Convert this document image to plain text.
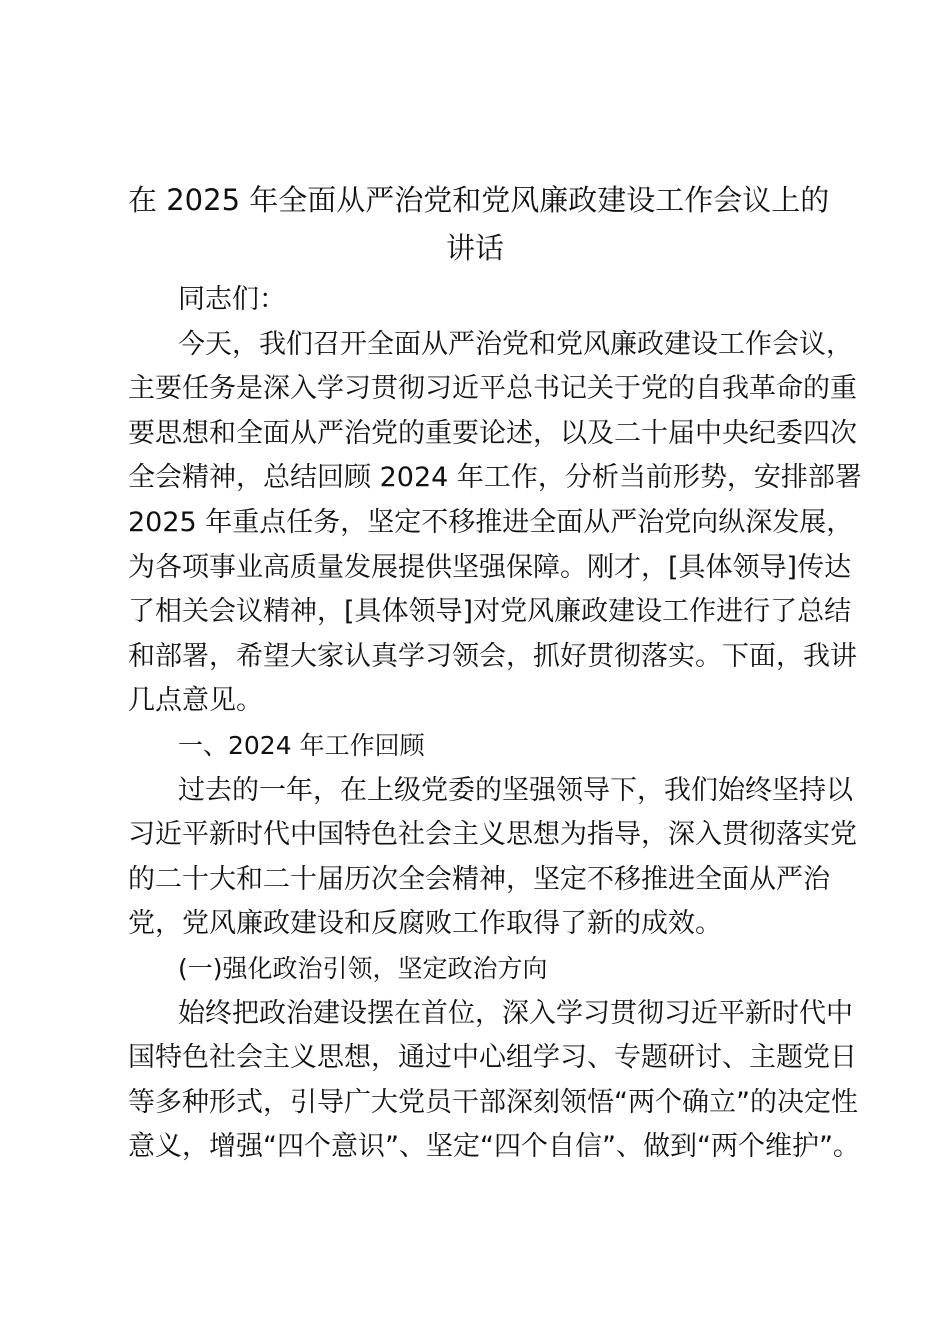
在 2025 年全面从严治党和党风廉政建设工作会议上的
讲话

同志们：

今天，我们召开全面从严治党和党风廉政建设工作会议，
主要任务是深入学习贯彻习近平总书记关于党的自我革命的重
要思想和全面从严治党的重要论述，以及二十届中央纪委四次
全会精神，总结回顾 2024 年工作，分析当前形势，安排部署
2025 年重点任务，坚定不移推进全面从严治党向纵深发展，
为各项事业高质量发展提供坚强保障。刚才，[具体领导]传达
了相关会议精神，[具体领导]对党风廉政建设工作进行了总结
和部署，希望大家认真学习领会，抓好贯彻落实。下面，我讲
几点意见。

一、2024 年工作回顾

过去的一年，在上级党委的坚强领导下，我们始终坚持以
习近平新时代中国特色社会主义思想为指导，深入贯彻落实党
的二十大和二十届历次全会精神，坚定不移推进全面从严治
党，党风廉政建设和反腐败工作取得了新的成效。

(一)强化政治引领，坚定政治方向

始终把政治建设摆在首位，深入学习贯彻习近平新时代中
国特色社会主义思想，通过中心组学习、专题研讨、主题党日
等多种形式，引导广大党员干部深刻领悟“两个确立”的决定性
意义，增强“四个意识”、坚定“四个自信”、做到“两个维护”。
